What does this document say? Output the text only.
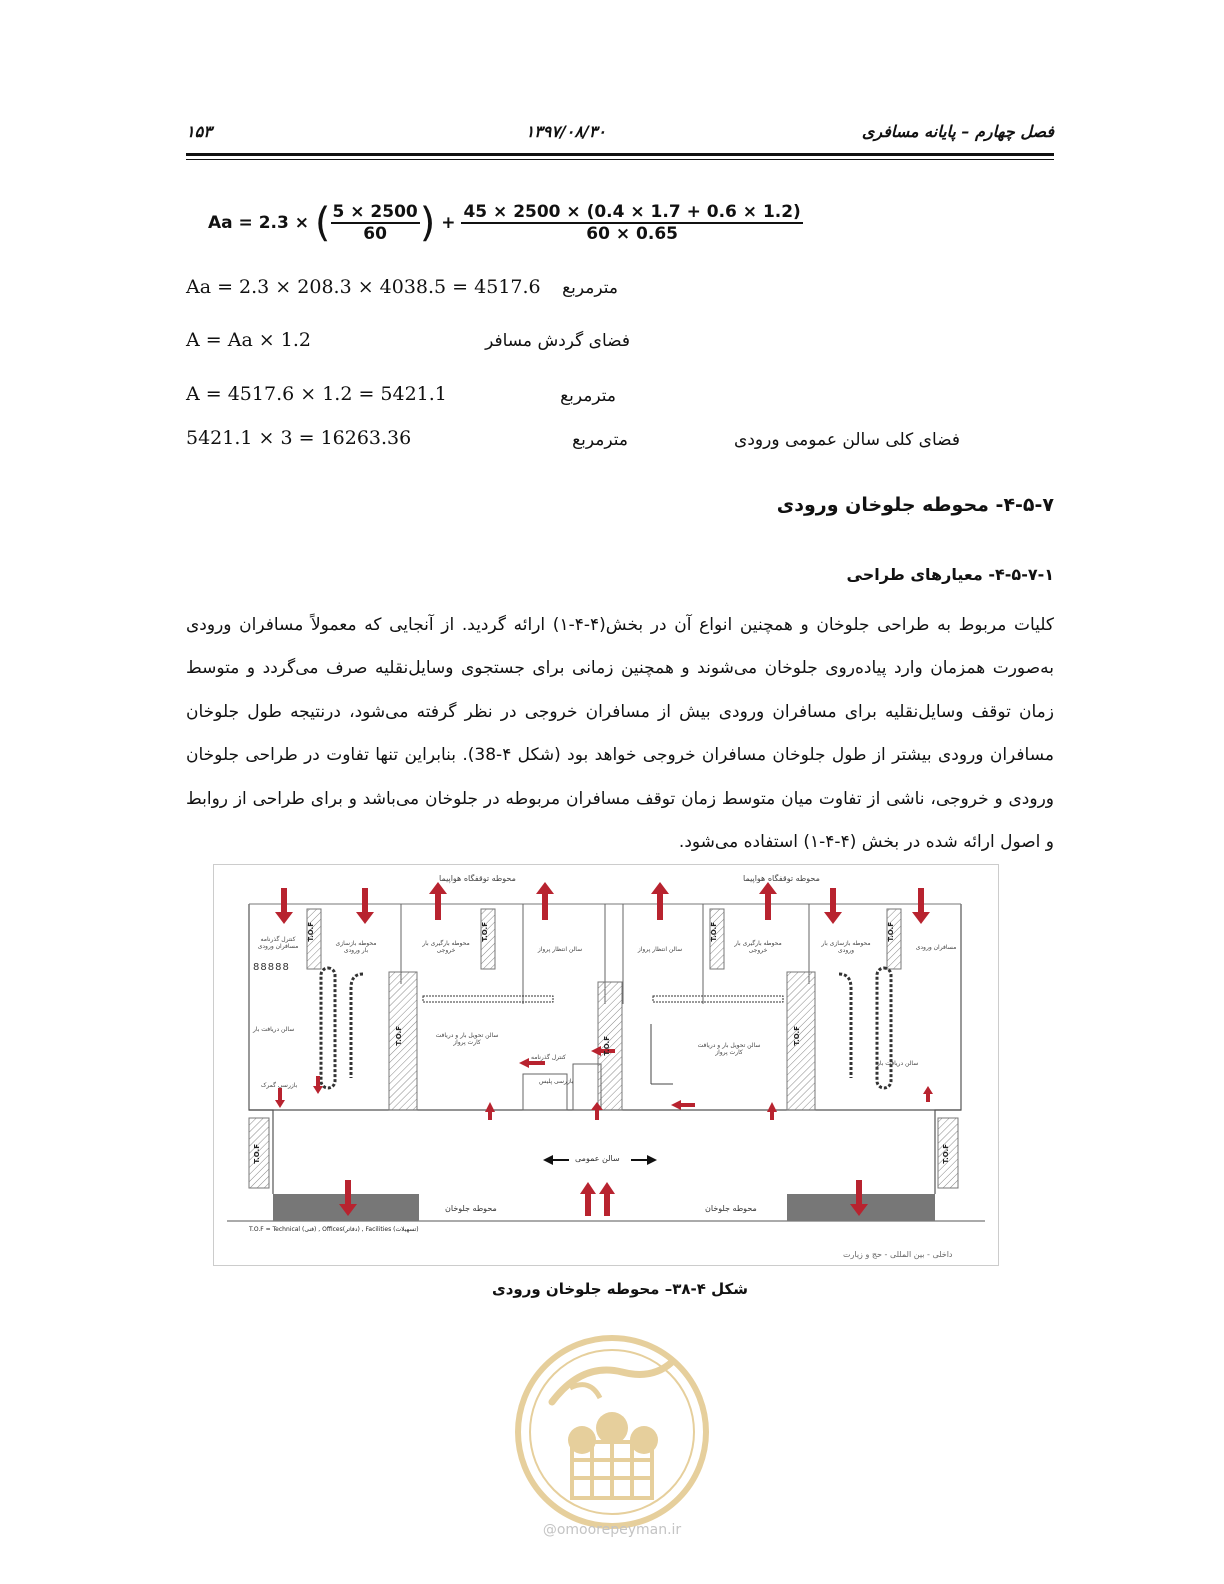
فصل چهارم – پایانه مسافری
۱۳۹۷/۰۸/۳۰
۱۵۳
Aa = 2.3 × ( $\frac{5 \times 2500}{60}$ ) + $\frac{45 \times 2500 \times (0.4 \times 1.7 + 0.6 \times 1.2)}{60 \times 0.65}$
Aa = 2.3 × 208.3 × 4038.5 = 4517.6 مترمربع
A = Aa × 1.2	فضای گردش مسافر
A = 4517.6 × 1.2 = 5421.1	مترمربع
5421.1 × 3 = 16263.36	مترمربع	فضای کلی سالن عمومی ورودی
۴-۵-۷- محوطه جلوخان ورودی
۴-۵-۷-۱- معیارهای طراحی
کلیات مربوط به طراحی جلوخان و همچنین انواع آن در بخش(۴-۴-۱) ارائه گردید. از آنجایی که معمولاً مسافران ورودی به‌صورت همزمان وارد پیاده‌روی جلوخان می‌شوند و همچنین زمانی برای جستجوی وسایل‌نقلیه صرف می‌گردد و متوسط زمان توقف وسایل‌نقلیه برای مسافران ورودی بیش از مسافران خروجی در نظر گرفته می‌شود، درنتیجه طول جلوخان مسافران ورودی بیشتر از طول جلوخان مسافران خروجی خواهد بود (شکل ۴-38). بنابراین تنها تفاوت در طراحی جلوخان ورودی و خروجی، ناشی از تفاوت میان متوسط زمان توقف مسافران مربوطه در جلوخان می‌باشد و برای طراحی از روابط و اصول ارائه شده در بخش (۴-۴-۱) استفاده می‌شود.
محوطه توقفگاه هواپیما	محوطه توقفگاه هواپیما
کنترل گذرنامه مسافران ورودی
88888
محوطه بازسازی بار ورودی
محوطه بارگیری بار خروجی	سالن انتظار پرواز	سالن انتظار پرواز
محوطه بارگیری بار خروجی
محوطه بازسازی بار ورودی	مسافران ورودی
سالن دریافت بار
سالن تحویل بار و دریافت کارت پرواز
کنترل گذرنامه
بازرسی پلیس
سالن تحویل بار و دریافت کارت پرواز
سالن دریافت بار
بازرسی گمرک
سالن عمومی
محوطه جلوخان	محوطه جلوخان
T.O.F = Technical (فنی) , Offices(دفاتر) , Facilities (تسهیلات)
داخلی - بین المللی - حج و زیارت
T.O.F	T.O.F	T.O.F	T.O.F
T.O.F
T.O.F
T.O.F
T.O.F	T.O.F
شکل ۴-۳۸– محوطه جلوخان ورودی
@omoorepeyman.ir
